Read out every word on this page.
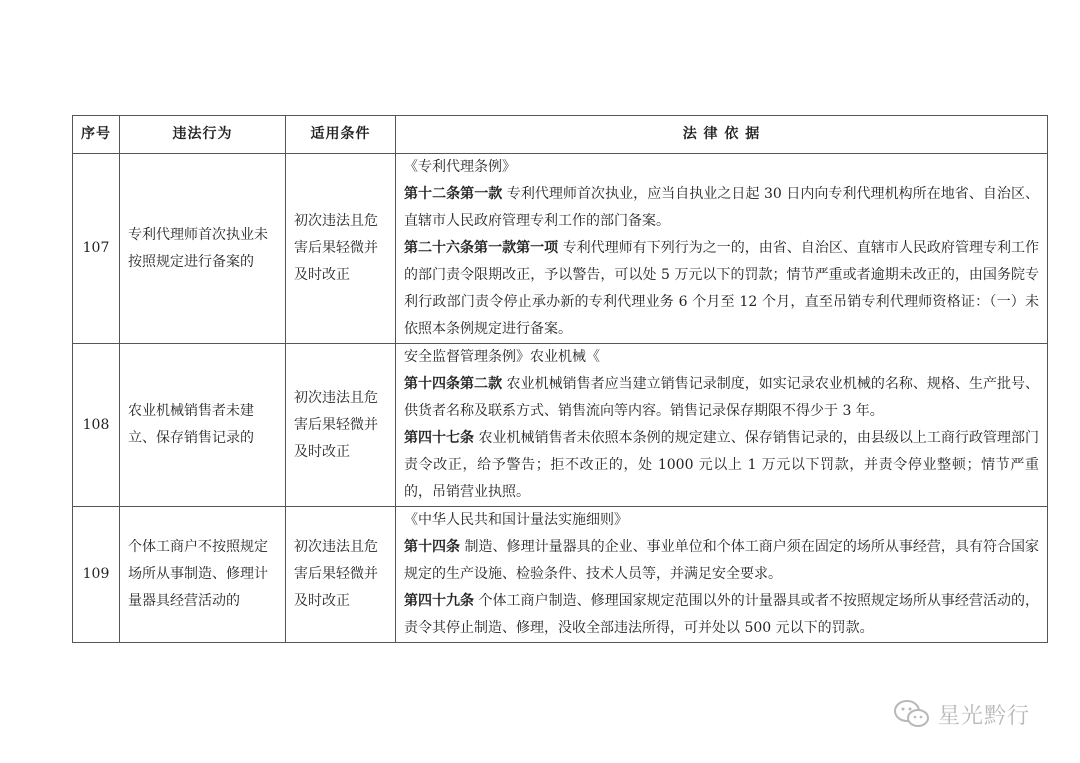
序号	违法行为	适用条件	法 律 依 据
107	专利代理师首次执业未按照规定进行备案的	初次违法且危害后果轻微并及时改正	《专利代理条例》

第十二条第一款 专利代理师首次执业，应当自执业之日起 30 日内向专利代理机构所在地省、自治区、直辖市人民政府管理专利工作的部门备案。

第二十六条第一款第一项 专利代理师有下列行为之一的，由省、自治区、直辖市人民政府管理专利工作的部门责令限期改正，予以警告，可以处 5 万元以下的罚款；情节严重或者逾期未改正的，由国务院专利行政部门责令停止承办新的专利代理业务 6 个月至 12 个月，直至吊销专利代理师资格证：（一）未依照本条例规定进行备案。

108	农业机械销售者未建立、保存销售记录的	初次违法且危害后果轻微并及时改正	安全监督管理条例》农业机械《

第十四条第二款 农业机械销售者应当建立销售记录制度，如实记录农业机械的名称、规格、生产批号、供货者名称及联系方式、销售流向等内容。销售记录保存期限不得少于 3 年。

第四十七条 农业机械销售者未依照本条例的规定建立、保存销售记录的，由县级以上工商行政管理部门责令改正，给予警告；拒不改正的，处 1000 元以上 1 万元以下罚款，并责令停业整顿；情节严重的，吊销营业执照。

109	个体工商户不按照规定场所从事制造、修理计量器具经营活动的	初次违法且危害后果轻微并及时改正	《中华人民共和国计量法实施细则》

第十四条 制造、修理计量器具的企业、事业单位和个体工商户须在固定的场所从事经营，具有符合国家规定的生产设施、检验条件、技术人员等，并满足安全要求。

第四十九条 个体工商户制造、修理国家规定范围以外的计量器具或者不按照规定场所从事经营活动的，责令其停止制造、修理，没收全部违法所得，可并处以 500 元以下的罚款。

星光黔行
